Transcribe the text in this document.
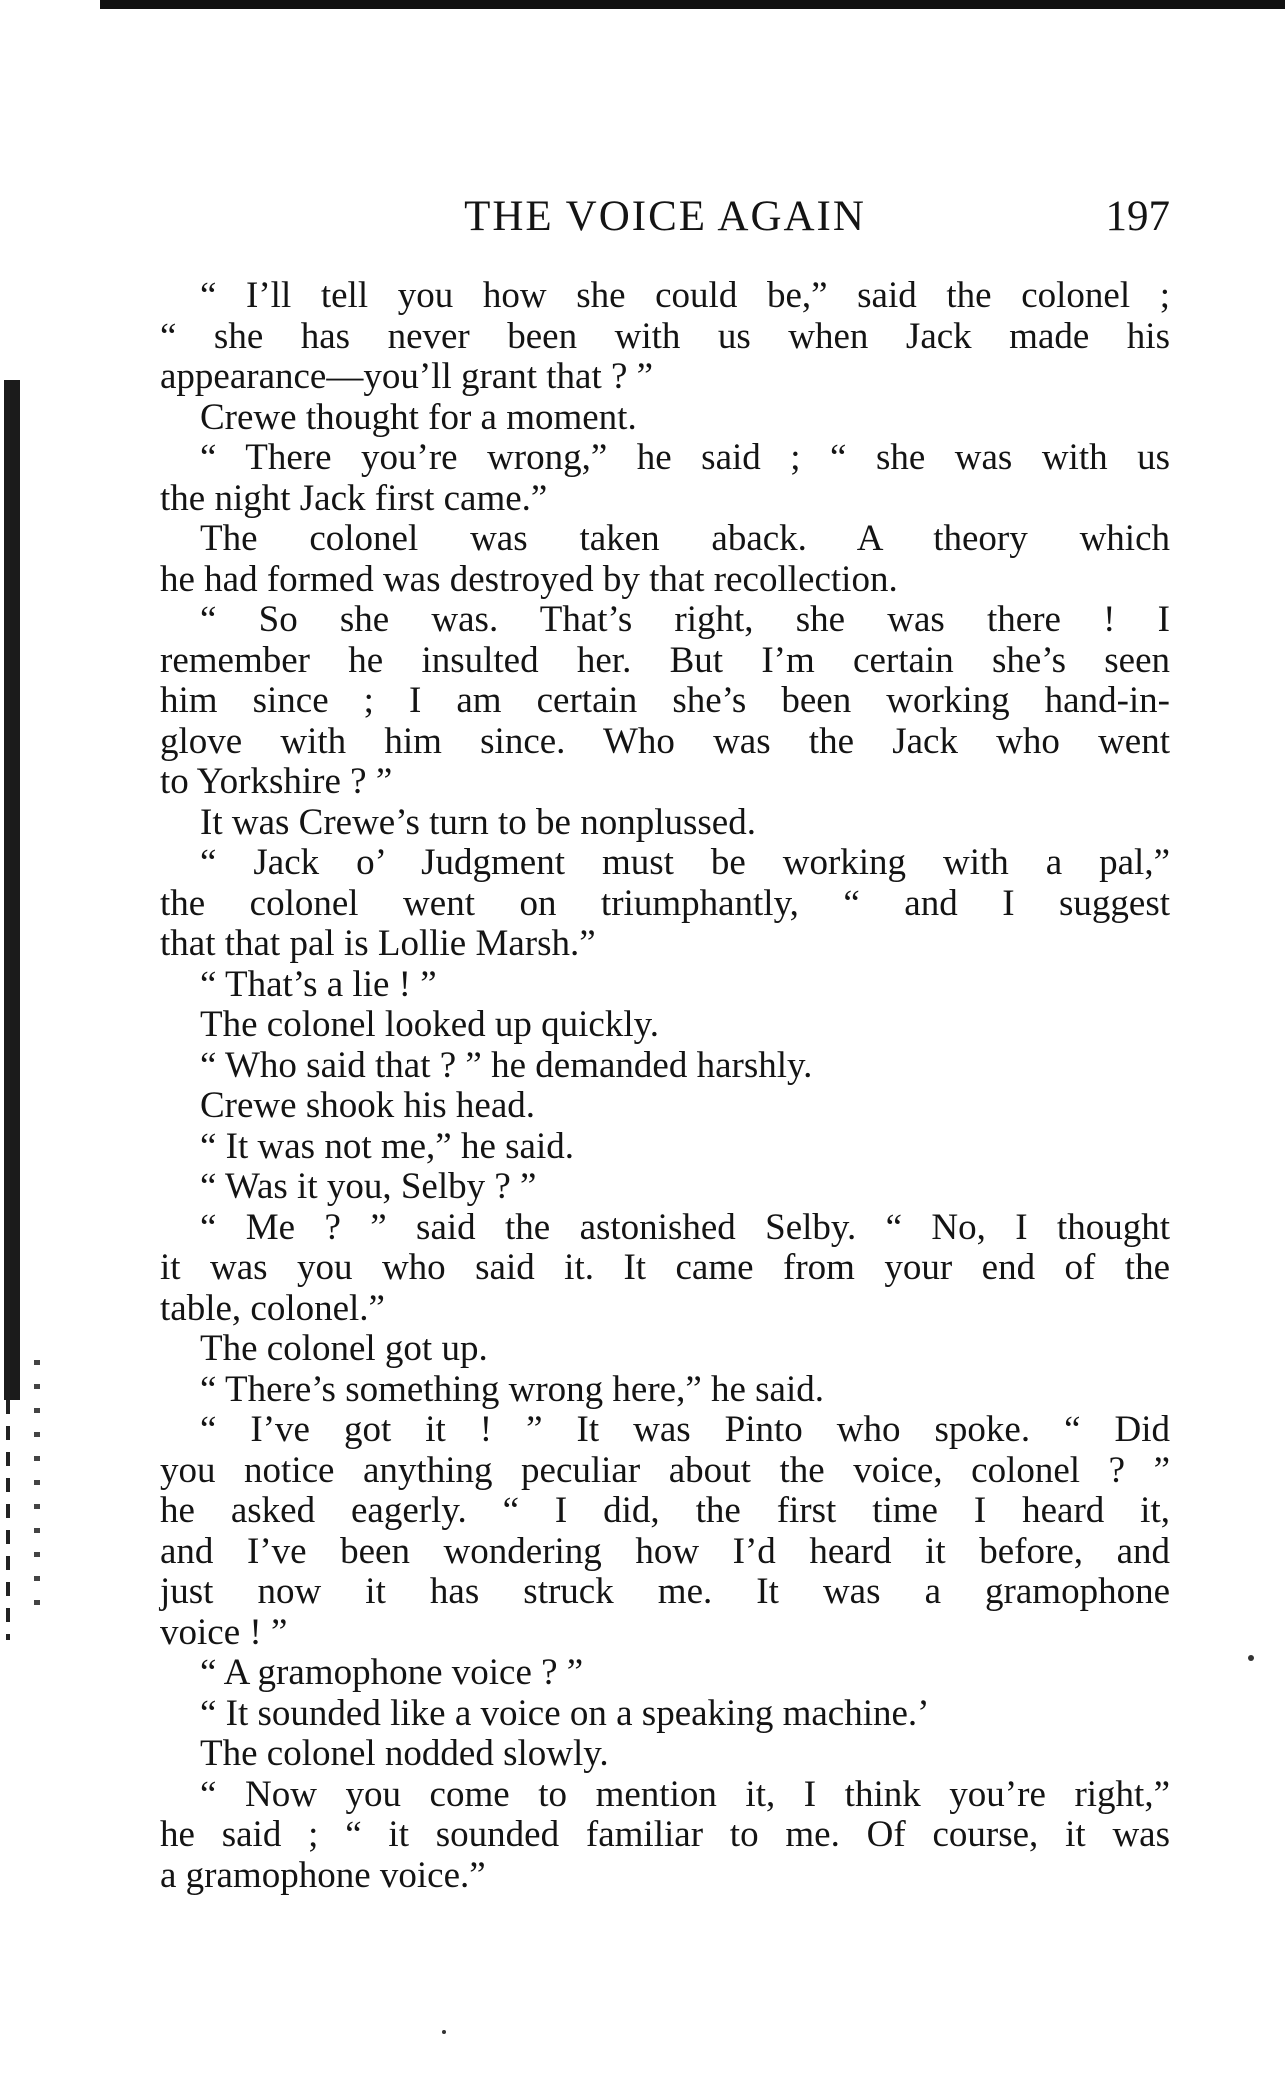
THE VOICE AGAIN	197
“ I’ll tell you how she could be,” said the colonel ;
“ she has never been with us when Jack made his
appearance—you’ll grant that ? ”
Crewe thought for a moment.
“ There you’re wrong,” he said ; “ she was with us
the night Jack first came.”
The colonel was taken aback. A theory which
he had formed was destroyed by that recollection.
“ So she was. That’s right, she was there ! I
remember he insulted her. But I’m certain she’s seen
him since ; I am certain she’s been working hand-in-
glove with him since. Who was the Jack who went
to Yorkshire ? ”
It was Crewe’s turn to be nonplussed.
“ Jack o’ Judgment must be working with a pal,”
the colonel went on triumphantly, “ and I suggest
that that pal is Lollie Marsh.”
“ That’s a lie ! ”
The colonel looked up quickly.
“ Who said that ? ” he demanded harshly.
Crewe shook his head.
“ It was not me,” he said.
“ Was it you, Selby ? ”
“ Me ? ” said the astonished Selby. “ No, I thought
it was you who said it. It came from your end of the
table, colonel.”
The colonel got up.
“ There’s something wrong here,” he said.
“ I’ve got it ! ” It was Pinto who spoke. “ Did
you notice anything peculiar about the voice, colonel ? ”
he asked eagerly. “ I did, the first time I heard it,
and I’ve been wondering how I’d heard it before, and
just now it has struck me. It was a gramophone
voice ! ”
“ A gramophone voice ? ”
“ It sounded like a voice on a speaking machine.’
The colonel nodded slowly.
“ Now you come to mention it, I think you’re right,”
he said ; “ it sounded familiar to me. Of course, it was
a gramophone voice.”
